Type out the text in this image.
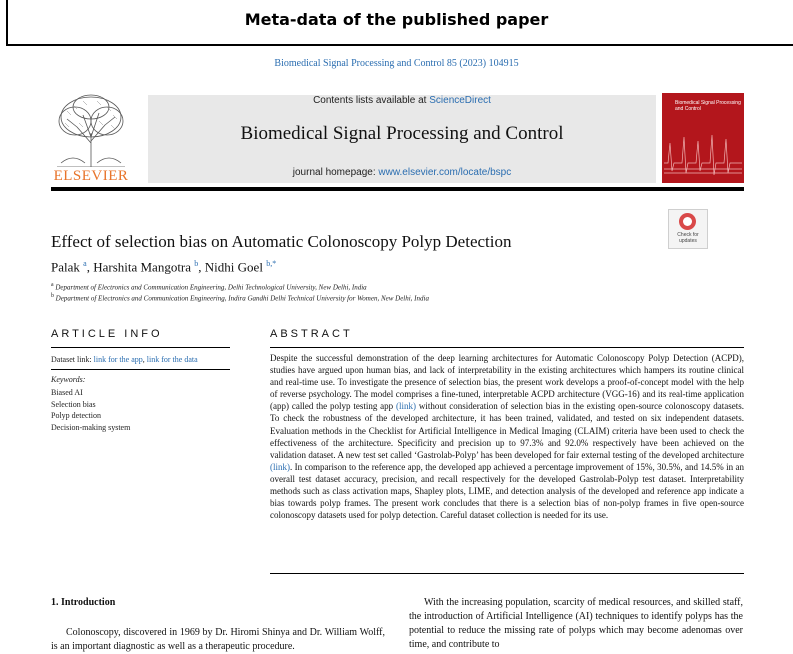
Meta-data of the published paper
Biomedical Signal Processing and Control 85 (2023) 104915
ELSEVIER
Contents lists available at ScienceDirect
Biomedical Signal Processing and Control
journal homepage: www.elsevier.com/locate/bspc
Biomedical Signal Processing and Control
Effect of selection bias on Automatic Colonoscopy Polyp Detection
Palak $^a$, Harshita Mangotra $^b$, Nidhi Goel $^{b,*}$
$^a$ Department of Electronics and Communication Engineering, Delhi Technological University, New Delhi, India
$^b$ Department of Electronics and Communication Engineering, Indira Gandhi Delhi Technical University for Women, New Delhi, India
Check for
updates
ARTICLE INFO	ABSTRACT
Dataset link: link for the app, link for the data
Keywords:
Biased AI
Selection bias
Polyp detection
Decision-making system
Despite the successful demonstration of the deep learning architectures for Automatic Colonoscopy Polyp Detection (ACPD), studies have argued upon human bias, and lack of interpretability in the existing architectures which hampers its routine clinical and real-time use. To investigate the presence of selection bias, the present work develops a proof-of-concept model with the help of reverse psychology. The model comprises a fine-tuned, interpretable ACPD architecture (VGG-16) and its real-time application (app) called the polyp testing app (link) without consideration of selection bias in the existing open-source colonoscopy datasets. To check the robustness of the developed architecture, it has been trained, validated, and tested on six independent datasets. Evaluation methods in the Checklist for Artificial Intelligence in Medical Imaging (CLAIM) criteria have been used to check the effectiveness of the architecture. Specificity and precision up to 97.3% and 92.0% respectively have been achieved on the validation dataset. A new test set called ‘Gastrolab-Polyp’ has been developed for fair external testing of the developed architecture (link). In comparison to the reference app, the developed app achieved a percentage improvement of 15%, 30.5%, and 14.5% in an overall test dataset accuracy, precision, and recall respectively for the developed Gastrolab-Polyp test dataset. Interpretability methods such as class activation maps, Shapley plots, LIME, and detection analysis of the developed and reference app indicate a bias towards polyp frames. The present work concludes that there is a selection bias of non-polyp frames in five open-source colonoscopy datasets used for polyp detection. Careful dataset collection is needed for its use.
1. Introduction
Colonoscopy, discovered in 1969 by Dr. Hiromi Shinya and Dr. William Wolff, is an important diagnostic as well as a therapeutic procedure.
With the increasing population, scarcity of medical resources, and skilled staff, the introduction of Artificial Intelligence (AI) techniques to identify polyps has the potential to reduce the missing rate of polyps which may become adenomas over time, and contribute to
